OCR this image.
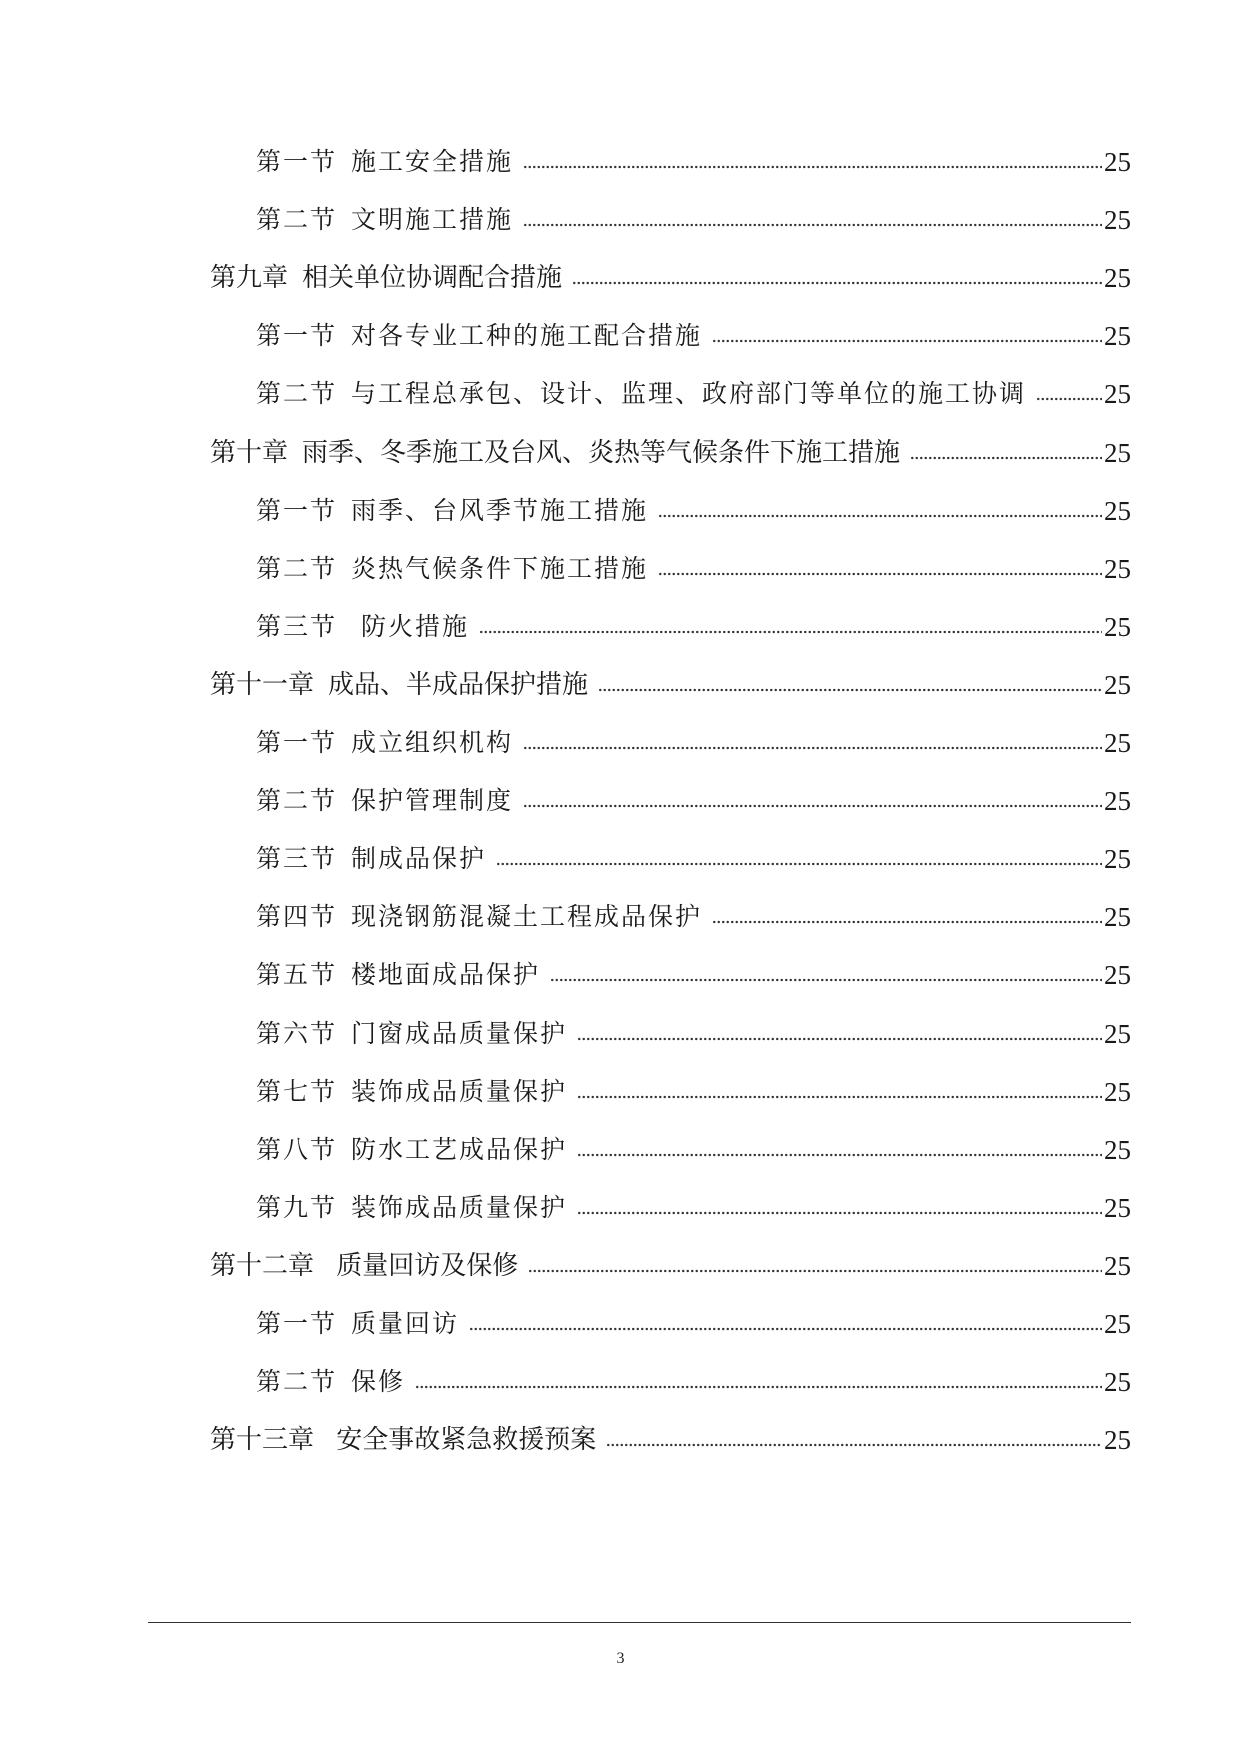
第一节 施工安全措施	25
第二节 文明施工措施	25
第九章 相关单位协调配合措施	25
第一节 对各专业工种的施工配合措施	25
第二节 与工程总承包、设计、监理、政府部门等单位的施工协调	25
第十章 雨季、冬季施工及台风、炎热等气候条件下施工措施	25
第一节 雨季、台风季节施工措施	25
第二节 炎热气候条件下施工措施	25
第三节 防火措施	25
第十一章 成品、半成品保护措施	25
第一节 成立组织机构	25
第二节 保护管理制度	25
第三节 制成品保护	25
第四节 现浇钢筋混凝土工程成品保护	25
第五节 楼地面成品保护	25
第六节 门窗成品质量保护	25
第七节 装饰成品质量保护	25
第八节 防水工艺成品保护	25
第九节 装饰成品质量保护	25
第十二章 质量回访及保修	25
第一节 质量回访	25
第二节 保修	25
第十三章 安全事故紧急救援预案	25
3
